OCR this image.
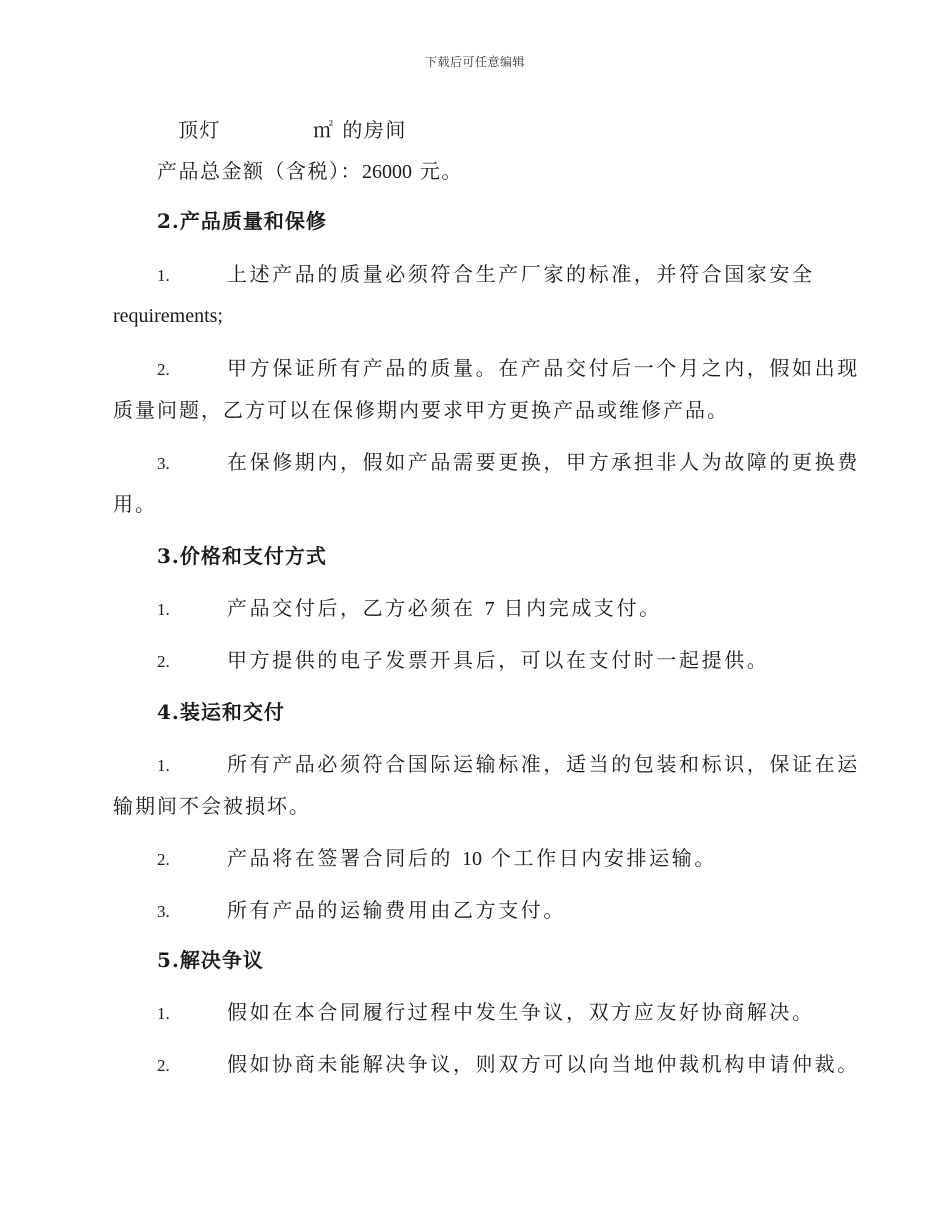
下载后可任意编辑
顶灯	㎡ 的房间
产品总金额（含税）：26000 元。
2.产品质量和保修
1.	上述产品的质量必须符合生产厂家的标准，并符合国家安全
requirements;
2.	甲方保证所有产品的质量。在产品交付后一个月之内，假如出现
质量问题，乙方可以在保修期内要求甲方更换产品或维修产品。
3.	在保修期内，假如产品需要更换，甲方承担非人为故障的更换费
用。
3.价格和支付方式
1.	产品交付后，乙方必须在 7 日内完成支付。
2.	甲方提供的电子发票开具后，可以在支付时一起提供。
4.装运和交付
1.	所有产品必须符合国际运输标准，适当的包装和标识，保证在运
输期间不会被损坏。
2.	产品将在签署合同后的 10 个工作日内安排运输。
3.	所有产品的运输费用由乙方支付。
5.解决争议
1.	假如在本合同履行过程中发生争议，双方应友好协商解决。
2.	假如协商未能解决争议，则双方可以向当地仲裁机构申请仲裁。
